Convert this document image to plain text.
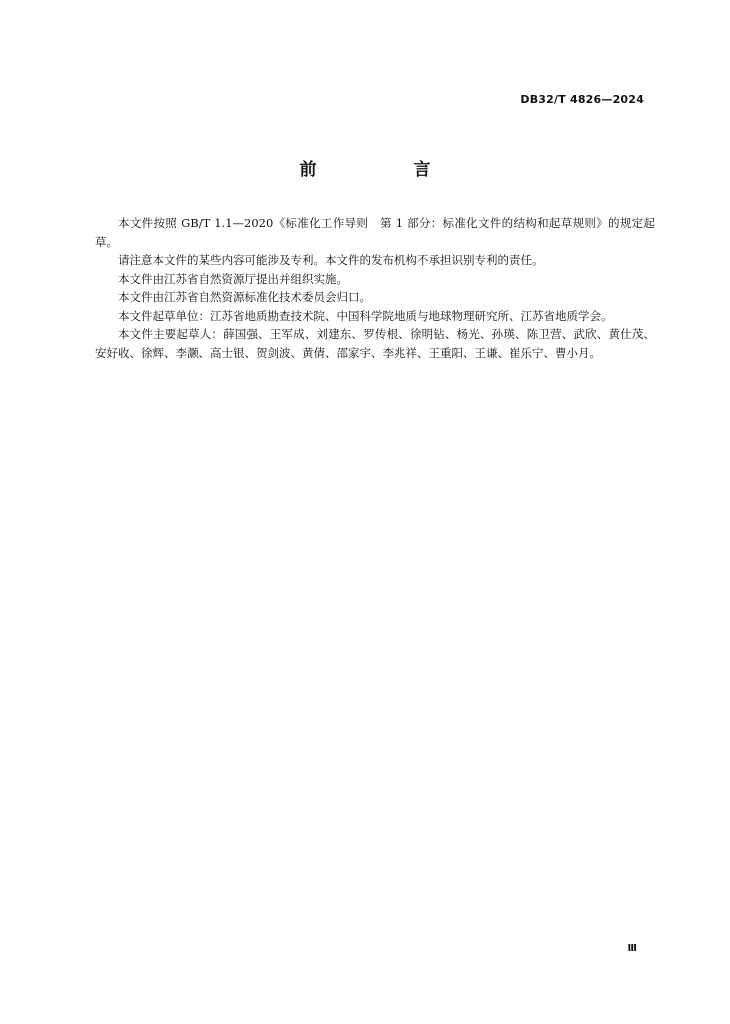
DB32/T 4826—2024
前　言

本文件按照 GB/T 1.1—2020《标准化工作导则　第 1 部分：标准化文件的结构和起草规则》的规定起草。

请注意本文件的某些内容可能涉及专利。本文件的发布机构不承担识别专利的责任。

本文件由江苏省自然资源厅提出并组织实施。

本文件由江苏省自然资源标准化技术委员会归口。

本文件起草单位：江苏省地质勘查技术院、中国科学院地质与地球物理研究所、江苏省地质学会。

本文件主要起草人：薛国强、王军成、刘建东、罗传根、徐明钻、杨光、孙瑛、陈卫营、武欣、黄仕茂、安好收、徐辉、李灏、高士银、贺剑波、黄倩、邵家宇、李兆祥、王重阳、王谦、崔乐宁、曹小月。

Ⅲ
